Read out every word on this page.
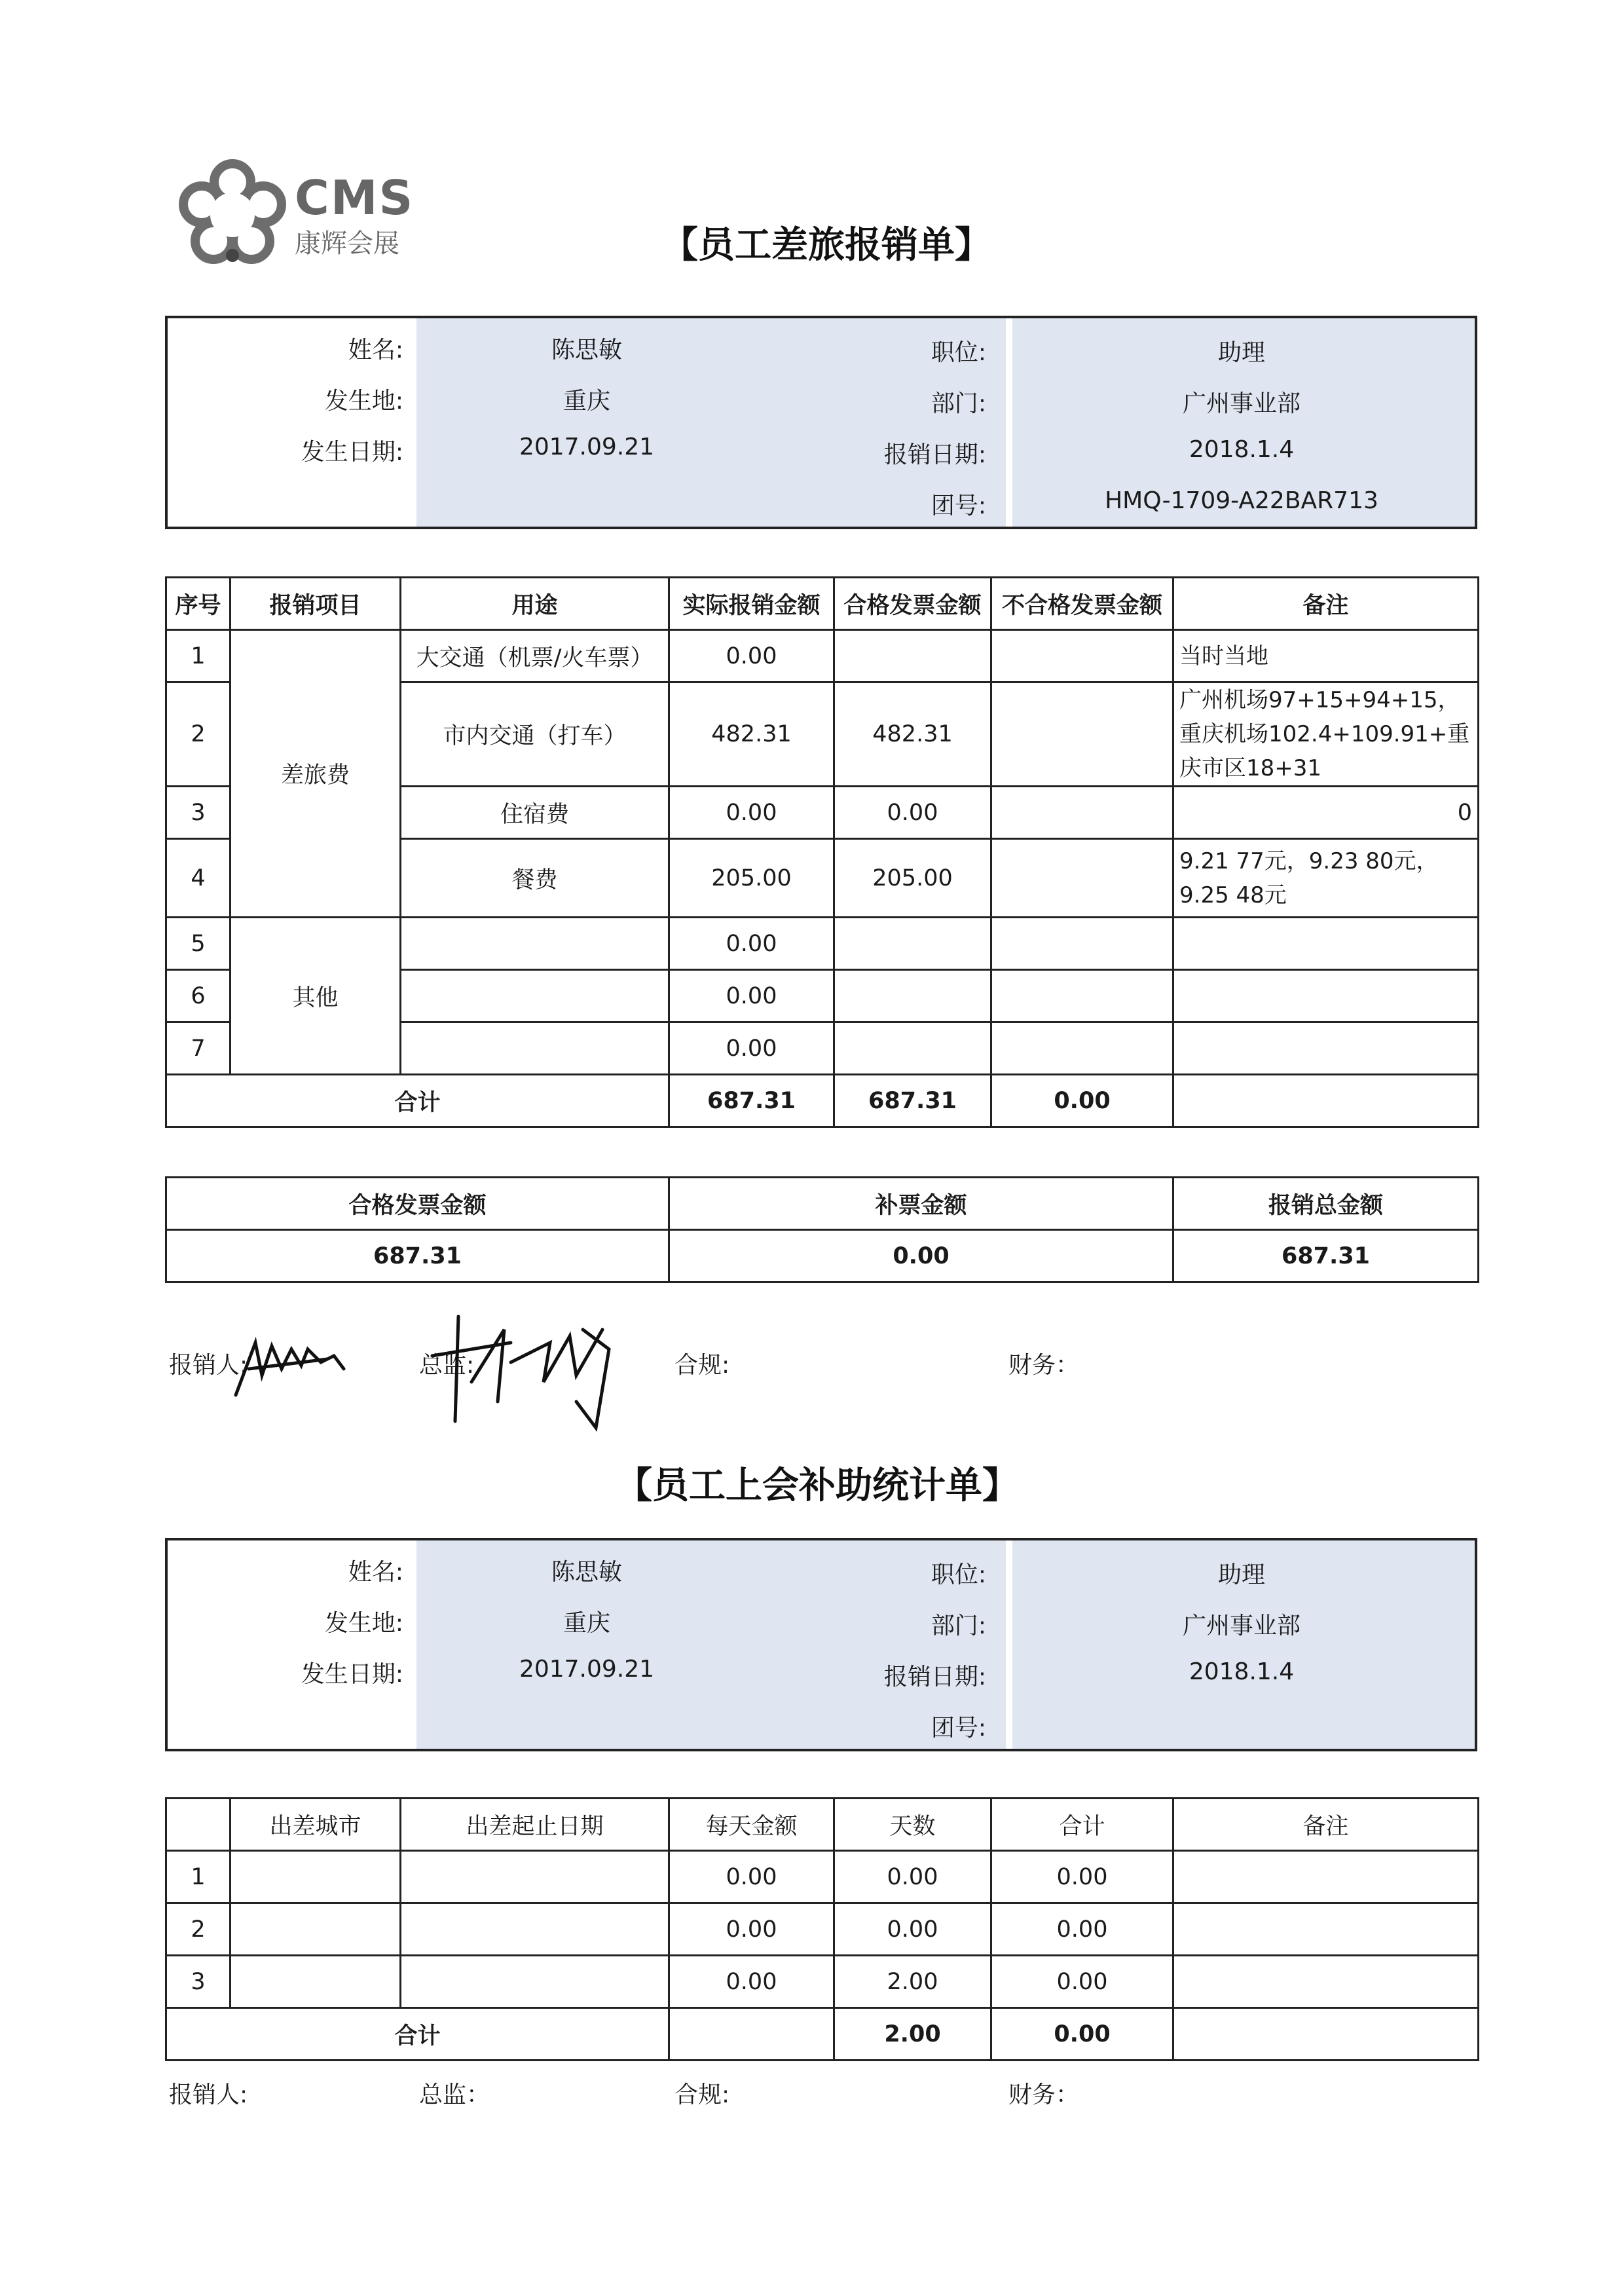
CMS
康辉会展	【员工差旅报销单】
姓名:	陈思敏
发生地:	重庆
发生日期:	2017.09.21
职位:	助理
部门:	广州事业部
报销日期:	2018.1.4
团号:	HMQ-1709-A22BAR713
序号	报销项目	用途	实际报销金额	合格发票金额	不合格发票金额	备注
1	差旅费	大交通（机票/火车票）	0.00			当时当地
2		市内交通（打车）	482.31	482.31		广州机场97+15+94+15，重庆机场102.4+109.91+重庆市区18+31
3		住宿费	0.00	0.00		0
4		餐费	205.00	205.00		9.21 77元，9.23 80元，9.25 48元
5	其他		0.00			
6			0.00			
7			0.00			
合计			687.31	687.31	0.00	
合格发票金额	补票金额	报销总金额
687.31	0.00	687.31
报销人:	总监:	合规:	财务：
【员工上会补助统计单】
姓名:	陈思敏
发生地:	重庆
发生日期:	2017.09.21
职位:	助理
部门:	广州事业部
报销日期:	2018.1.4
团号:
	出差城市	出差起止日期	每天金额	天数	合计	备注
1			0.00	0.00	0.00	
2			0.00	0.00	0.00	
3			0.00	2.00	0.00	
合计				2.00	0.00	
报销人:	总监：	合规:	财务：
